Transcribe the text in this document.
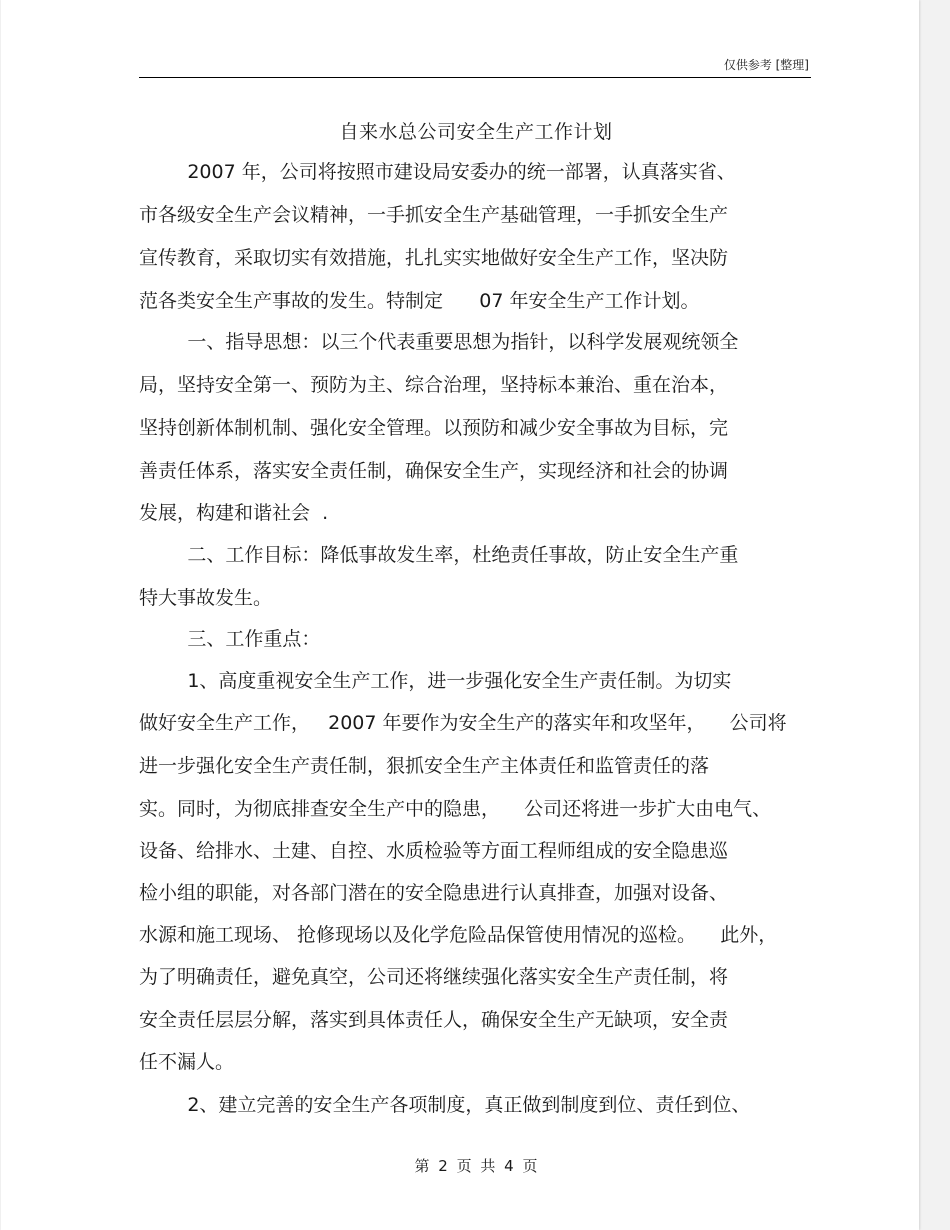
仅供参考 [整理]
自来水总公司安全生产工作计划
2007 年，公司将按照市建设局安委办的统一部署，认真落实省、
市各级安全生产会议精神，一手抓安全生产基础管理，一手抓安全生产
宣传教育，采取切实有效措施，扎扎实实地做好安全生产工作，坚决防
范各类安全生产事故的发生。特制定      07 年安全生产工作计划。
一、指导思想：以三个代表重要思想为指针，以科学发展观统领全
局，坚持安全第一、预防为主、综合治理，坚持标本兼治、重在治本，
坚持创新体制机制、强化安全管理。以预防和减少安全事故为目标，完
善责任体系，落实安全责任制，确保安全生产，实现经济和社会的协调
发展，构建和谐社会  .
二、工作目标：降低事故发生率，杜绝责任事故，防止安全生产重
特大事故发生。
三、工作重点：
1、高度重视安全生产工作，进一步强化安全生产责任制。为切实
做好安全生产工作，   2007 年要作为安全生产的落实年和攻坚年，    公司将
进一步强化安全生产责任制，狠抓安全生产主体责任和监管责任的落
实。同时，为彻底排查安全生产中的隐患，    公司还将进一步扩大由电气、
设备、给排水、土建、自控、水质检验等方面工程师组成的安全隐患巡
检小组的职能，对各部门潜在的安全隐患进行认真排查，加强对设备、
水源和施工现场、 抢修现场以及化学危险品保管使用情况的巡检。    此外，
为了明确责任，避免真空，公司还将继续强化落实安全生产责任制，将
安全责任层层分解，落实到具体责任人，确保安全生产无缺项，安全责
任不漏人。
2、建立完善的安全生产各项制度，真正做到制度到位、责任到位、
第 2 页 共 4 页
